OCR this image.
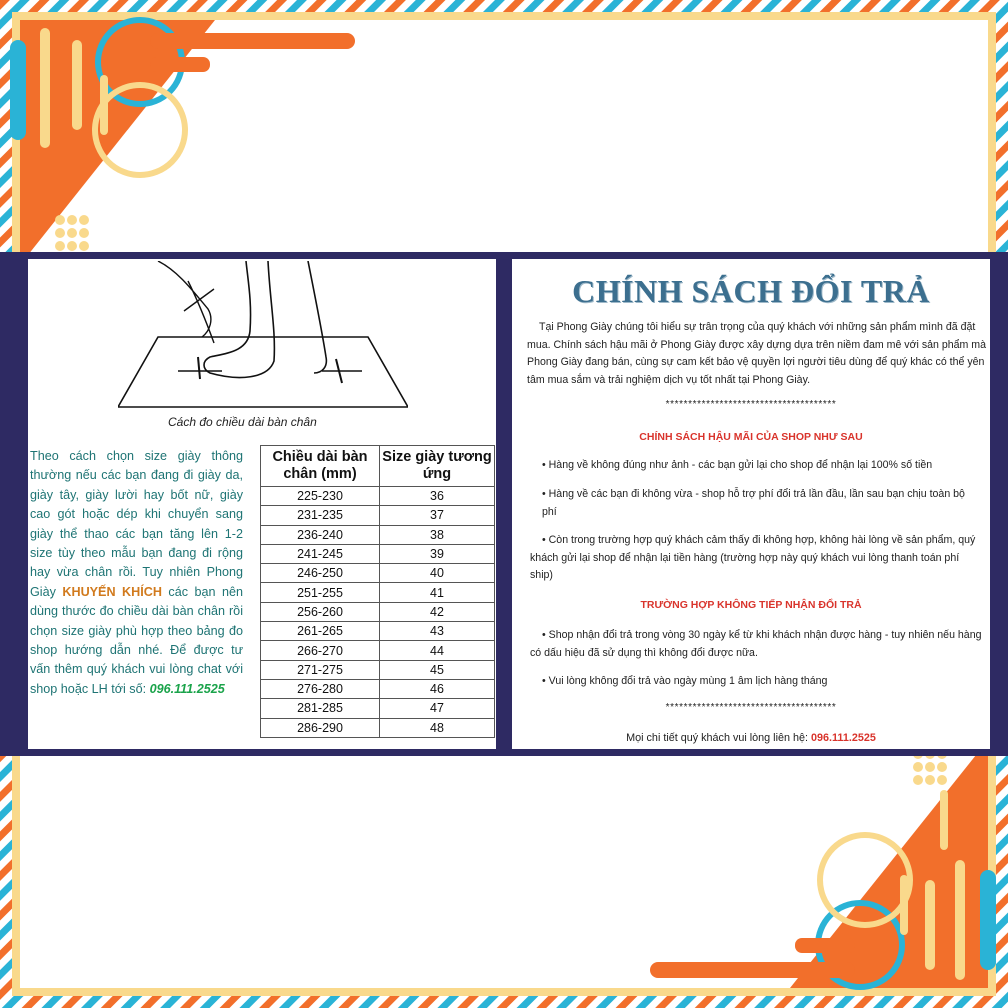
Cách đo chiều dài bàn chân
Theo cách chọn size giày thông thường nếu các bạn đang đi giày da, giày tây, giày lười hay bốt nữ, giày cao gót hoặc dép khi chuyển sang giày thể thao các bạn tăng lên 1-2 size tùy theo mẫu bạn đang đi rộng hay vừa chân rồi. Tuy nhiên Phong Giày KHUYẾN KHÍCH các bạn nên dùng thước đo chiều dài bàn chân rồi chọn size giày phù hợp theo bảng đo shop hướng dẫn nhé. Để được tư vấn thêm quý khách vui lòng chat với shop hoặc LH tới số: 096.111.2525
Chiều dài bàn chân (mm)	Size giày tương ứng
225-230	36
231-235	37
236-240	38
241-245	39
246-250	40
251-255	41
256-260	42
261-265	43
266-270	44
271-275	45
276-280	46
281-285	47
286-290	48
CHÍNH SÁCH ĐỔI TRẢ
Tại Phong Giày chúng tôi hiểu sự trân trọng của quý khách với những sản phẩm mình đã đặt mua. Chính sách hậu mãi ở Phong Giày được xây dựng dựa trên niềm đam mê với sản phẩm mà Phong Giày đang bán, cùng sự cam kết bảo vệ quyền lợi người tiêu dùng để quý khác có thể yên tâm mua sắm và trải nghiệm dịch vụ tốt nhất tại Phong Giày.
**************************************
CHÍNH SÁCH HẬU MÃI CỦA SHOP NHƯ SAU
• Hàng về không đúng như ảnh - các bạn gửi lại cho shop để nhận lại 100% số tiền
• Hàng về các bạn đi không vừa - shop hỗ trợ phí đổi trả lần đầu, lần sau bạn chịu toàn bộ phí
• Còn trong trường hợp quý khách cảm thấy đi không hợp, không hài lòng về sản phẩm, quý khách gửi lại shop để nhận lại tiền hàng (trường hợp này quý khách vui lòng thanh toán phí ship)
TRƯỜNG HỢP KHÔNG TIẾP NHẬN ĐỔI TRẢ
• Shop nhận đổi trả trong vòng 30 ngày kể từ khi khách nhận được hàng - tuy nhiên nếu hàng có dấu hiệu đã sử dụng thì không đổi được nữa.
• Vui lòng không đổi trả vào ngày mùng 1 âm lịch hàng tháng
**************************************
Mọi chi tiết quý khách vui lòng liên hệ: 096.111.2525
